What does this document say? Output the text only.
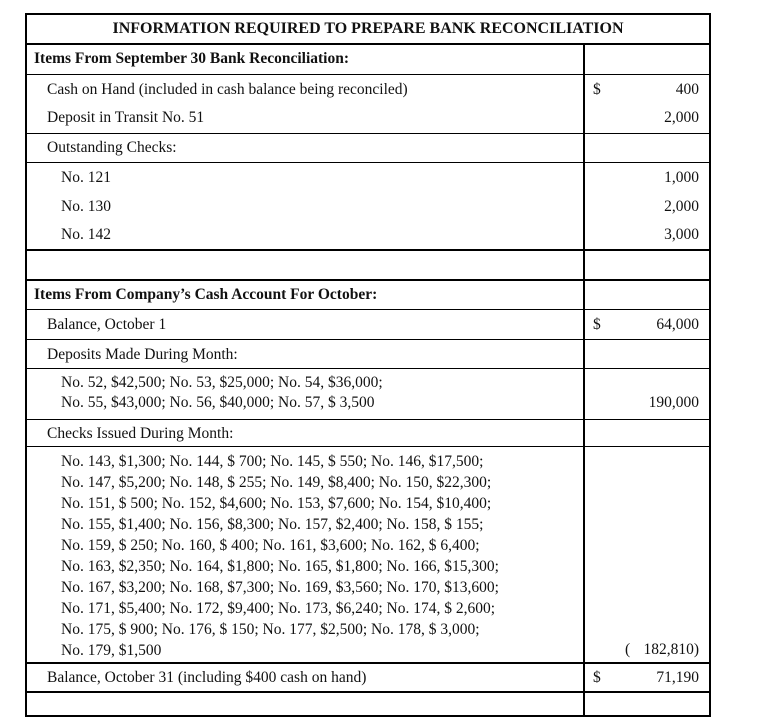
INFORMATION REQUIRED TO PREPARE BANK RECONCILIATION
Items From September 30 Bank Reconciliation:
Cash on Hand (included in cash balance being reconciled)	$	400
Deposit in Transit No. 51	2,000
Outstanding Checks:
No. 121	1,000
No. 130	2,000
No. 142	3,000
Items From Company’s Cash Account For October:
Balance, October 1	$	64,000
Deposits Made During Month:
No. 52, $42,500; No. 53, $25,000; No. 54, $36,000;
No. 55, $43,000; No. 56, $40,000; No. 57, $ 3,500	190,000
Checks Issued During Month:
No. 143, $1,300; No. 144, $ 700; No. 145, $ 550; No. 146, $17,500;
No. 147, $5,200; No. 148, $ 255; No. 149, $8,400; No. 150, $22,300;
No. 151, $ 500; No. 152, $4,600; No. 153, $7,600; No. 154, $10,400;
No. 155, $1,400; No. 156, $8,300; No. 157, $2,400; No. 158, $ 155;
No. 159, $ 250; No. 160, $ 400; No. 161, $3,600; No. 162, $ 6,400;
No. 163, $2,350; No. 164, $1,800; No. 165, $1,800; No. 166, $15,300;
No. 167, $3,200; No. 168, $7,300; No. 169, $3,560; No. 170, $13,600;
No. 171, $5,400; No. 172, $9,400; No. 173, $6,240; No. 174, $ 2,600;
No. 175, $ 900; No. 176, $ 150; No. 177, $2,500; No. 178, $ 3,000;
No. 179, $1,500	( 182,810)
Balance, October 31 (including $400 cash on hand)	$	71,190
